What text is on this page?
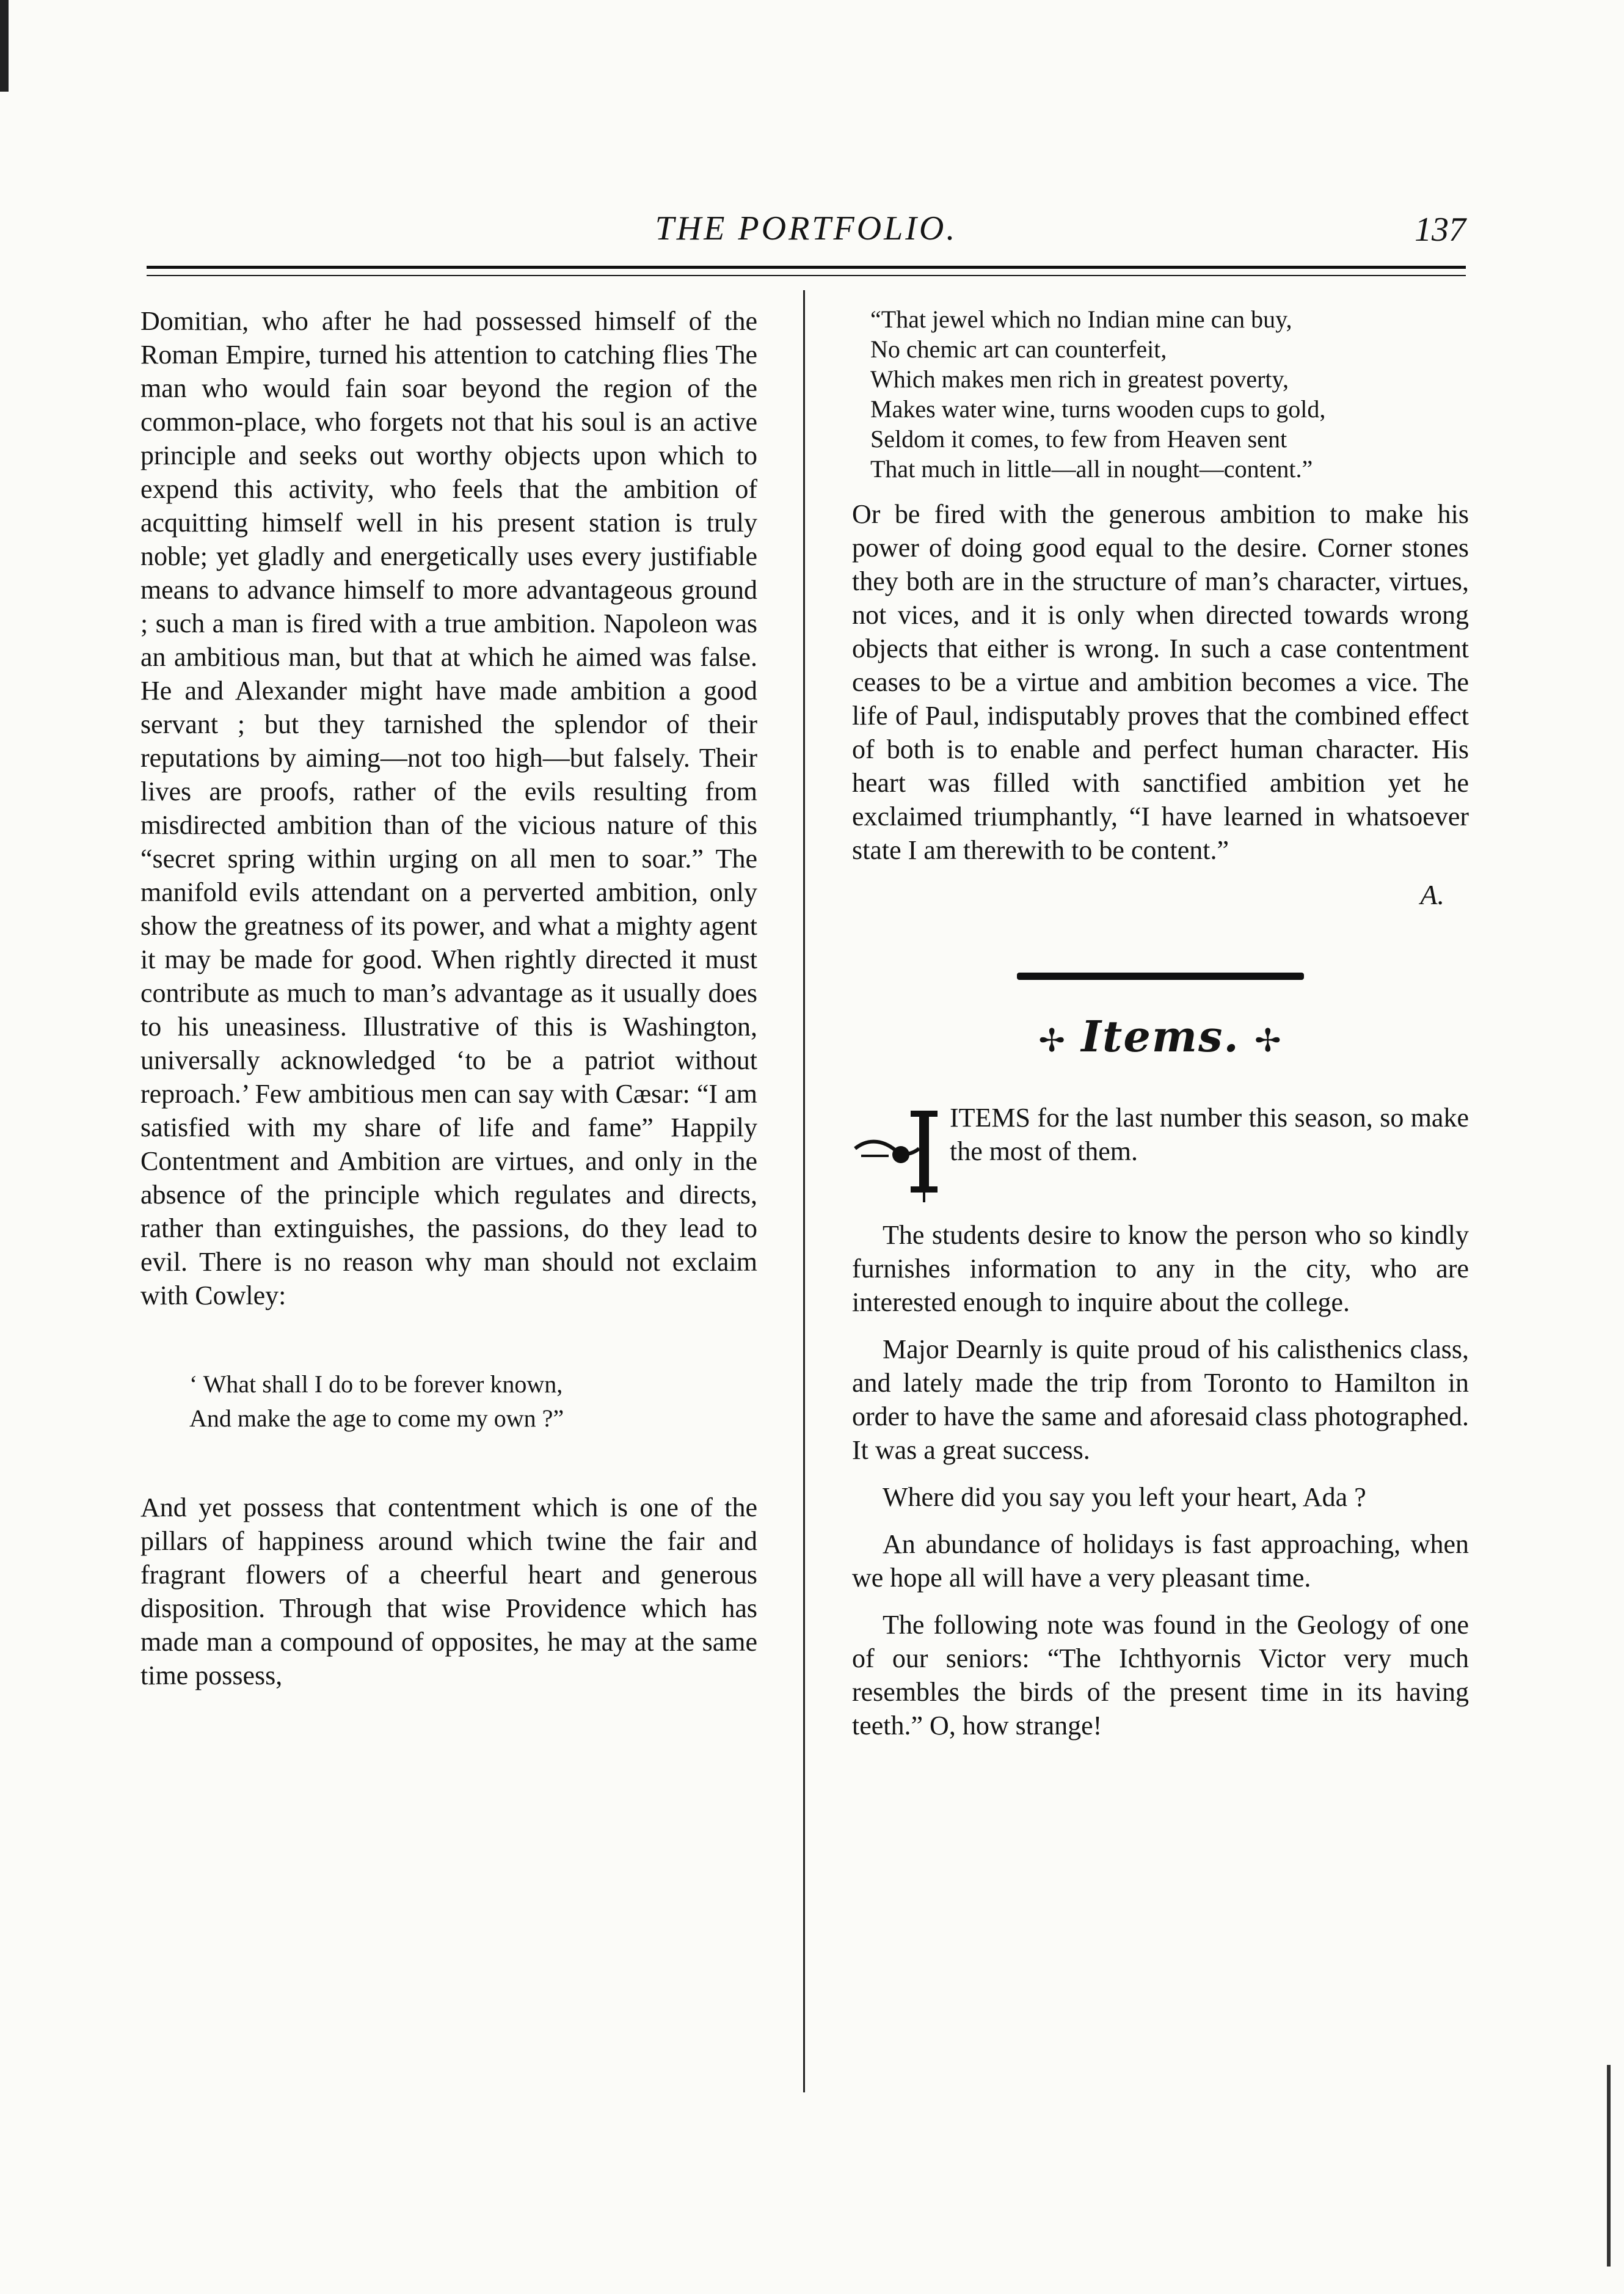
THE PORTFOLIO.	137

Domitian, who after he had possessed himself of the Roman Empire, turned his attention to catching flies The man who would fain soar beyond the region of the common-place, who forgets not that his soul is an active principle and seeks out worthy objects upon which to expend this activity, who feels that the ambition of acquitting himself well in his present station is truly noble; yet gladly and energetically uses every justifiable means to advance himself to more advantageous ground ; such a man is fired with a true ambition. Napoleon was an ambitious man, but that at which he aimed was false. He and Alexander might have made ambition a good servant ; but they tarnished the splendor of their reputations by aiming—not too high—but falsely. Their lives are proofs, rather of the evils resulting from misdirected ambition than of the vicious nature of this “secret spring within urging on all men to soar.” The manifold evils attendant on a perverted ambition, only show the greatness of its power, and what a mighty agent it may be made for good. When rightly directed it must contribute as much to man’s advantage as it usually does to his uneasiness. Illustrative of this is Washington, universally acknowledged ‘to be a patriot without reproach.’ Few ambitious men can say with Cæsar: “I am satisfied with my share of life and fame” Happily Contentment and Ambition are virtues, and only in the absence of the principle which regulates and directs, rather than extinguishes, the passions, do they lead to evil. There is no reason why man should not exclaim with Cowley:

‘ What shall I do to be forever known,
And make the age to come my own ?”

And yet possess that contentment which is one of the pillars of happiness around which twine the fair and fragrant flowers of a cheerful heart and generous disposition. Through that wise Providence which has made man a compound of opposites, he may at the same time possess,

“That jewel which no Indian mine can buy,
No chemic art can counterfeit,
Which makes men rich in greatest poverty,
Makes water wine, turns wooden cups to gold,
Seldom it comes, to few from Heaven sent
That much in little—all in nought—content.”

Or be fired with the generous ambition to make his power of doing good equal to the desire. Corner stones they both are in the structure of man’s character, virtues, not vices, and it is only when directed towards wrong objects that either is wrong. In such a case contentment ceases to be a virtue and ambition becomes a vice. The life of Paul, indisputably proves that the combined effect of both is to enable and perfect human character. His heart was filled with sanctified ambition yet he exclaimed triumphantly, “I have learned in whatsoever state I am therewith to be content.”

A.
✢ Items. ✢

ITEMS for the last number this season, so make the most of them.

The students desire to know the person who so kindly furnishes information to any in the city, who are interested enough to inquire about the college.

Major Dearnly is quite proud of his calisthenics class, and lately made the trip from Toronto to Hamilton in order to have the same and aforesaid class photographed. It was a great success.

Where did you say you left your heart, Ada ?

An abundance of holidays is fast approaching, when we hope all will have a very pleasant time.

The following note was found in the Geology of one of our seniors: “The Ichthyornis Victor very much resembles the birds of the present time in its having teeth.” O, how strange!
